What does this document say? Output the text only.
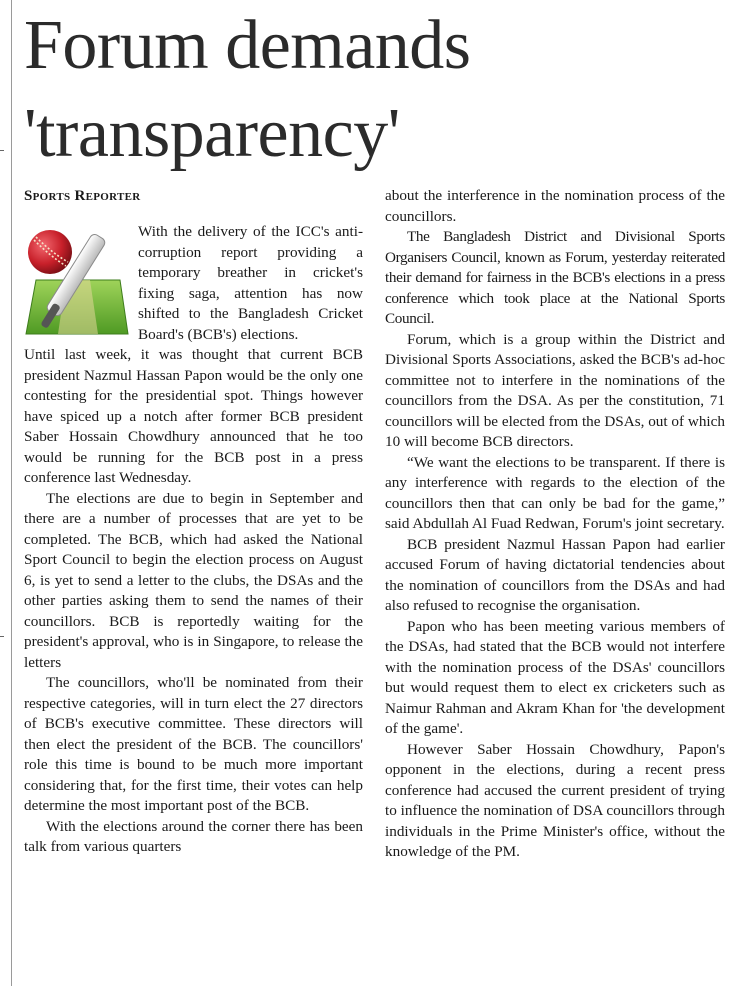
Forum demands
'transparency'
Sports Reporter

With the delivery of the ICC's anti-corruption report providing a temporary breather in cricket's fixing saga, attention has now shifted to the Bangladesh Cricket Board's (BCB's) elections.

Until last week, it was thought that current BCB president Nazmul Hassan Papon would be the only one contesting for the presidential spot. Things however have spiced up a notch after former BCB president Saber Hossain Chowdhury announced that he too would be running for the BCB post in a press conference last Wednesday.

The elections are due to begin in September and there are a number of processes that are yet to be completed. The BCB, which had asked the National Sport Council to begin the election process on August 6, is yet to send a letter to the clubs, the DSAs and the other parties asking them to send the names of their councillors. BCB is reportedly waiting for the president's approval, who is in Singapore, to release the letters

The councillors, who'll be nominated from their respective categories, will in turn elect the 27 directors of BCB's executive committee. These directors will then elect the president of the BCB. The councillors' role this time is bound to be much more important considering that, for the first time, their votes can help determine the most important post of the BCB.

With the elections around the corner there has been talk from various quarters

about the interference in the nomination process of the councillors.

The Bangladesh District and Divisional Sports Organisers Council, known as Forum, yesterday reiterated their demand for fairness in the BCB's elections in a press conference which took place at the National Sports Council.

Forum, which is a group within the District and Divisional Sports Associations, asked the BCB's ad-hoc committee not to interfere in the nominations of the councillors from the DSA. As per the constitution, 71 councillors will be elected from the DSAs, out of which 10 will become BCB directors.

“We want the elections to be transparent. If there is any interference with regards to the election of the councillors then that can only be bad for the game,” said Abdullah Al Fuad Redwan, Forum's joint secretary.

BCB president Nazmul Hassan Papon had earlier accused Forum of having dictatorial tendencies about the nomination of councillors from the DSAs and had also refused to recognise the organisation.

Papon who has been meeting various members of the DSAs, had stated that the BCB would not interfere with the nomination process of the DSAs' councillors but would request them to elect ex cricketers such as Naimur Rahman and Akram Khan for 'the development of the game'.

However Saber Hossain Chowdhury, Papon's opponent in the elections, during a recent press conference had accused the current president of trying to influence the nomination of DSA councillors through individuals in the Prime Minister's office, without the knowledge of the PM.
